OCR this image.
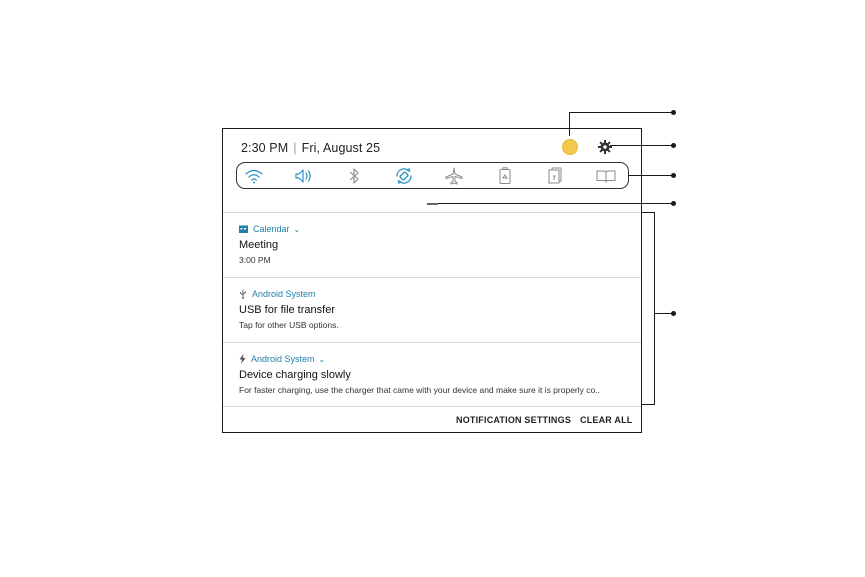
2:30 PM | Fri, August 25
Calendar ⌄
Meeting
3:00 PM
Android System
USB for file transfer
Tap for other USB options.
Android System ⌄
Device charging slowly
For faster charging, use the charger that came with your device and make sure it is properly co..
NOTIFICATION SETTINGS CLEAR ALL
